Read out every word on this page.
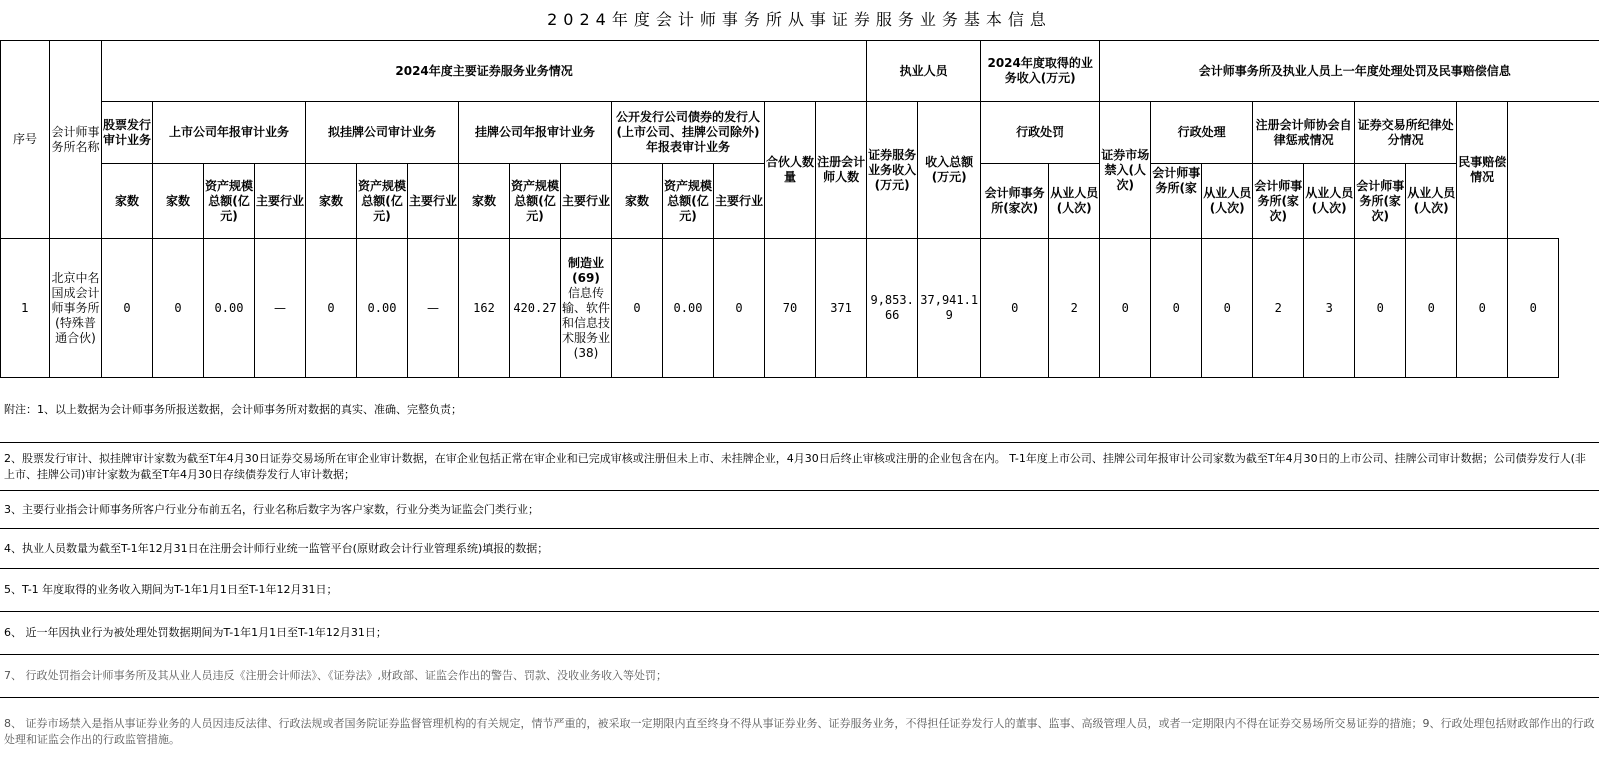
2024年度会计师事务所从事证券服务业务基本信息
序号	会计师事务所名称	2024年度主要证券服务业务情况															执业人员		2024年度取得的业务收入(万元)		会计师事务所及执业人员上一年度处理处罚及民事赔偿信息	
		股票发行审计业务	上市公司年报审计业务			拟挂牌公司审计业务			挂牌公司年报审计业务			公开发行公司债券的发行人(上市公司、挂牌公司除外)年报表审计业务			合伙人数量	注册会计师人数	证券服务业务收入(万元)	收入总额(万元)	行政处罚		证券市场禁入(人次)	行政处理		注册会计师协会自律惩戒情况		证券交易所纪律处分情况		民事赔偿情况		
		家数	家数	资产规模总额(亿元)	主要行业	家数	资产规模总额(亿元)	主要行业	家数	资产规模总额(亿元)	主要行业	家数	资产规模总额(亿元)	主要行业					会计师事务所(家次)	从业人员(人次)		会计师事务所(家	从业人员(人次)	会计师事务所(家次)	从业人员(人次)	会计师事务所(家次)	从业人员(人次)			
1	北京中名国成会计师事务所(特殊普通合伙)	0	0	0.00	—	0	0.00	—	162	420.27	制造业(69)
信息传输、软件和信息技术服务业(38)	0	0.00	0	70	371	9,853.66	37,941.19	0	2	0	0	0	2	3	0	0	0	0	
附注：1、以上数据为会计师事务所报送数据，会计师事务所对数据的真实、准确、完整负责；
2、股票发行审计、拟挂牌审计家数为截至T年4月30日证券交易场所在审企业审计数据，在审企业包括正常在审企业和已完成审核或注册但未上市、未挂牌企业，4月30日后终止审核或注册的企业包含在内。 T-1年度上市公司、挂牌公司年报审计公司家数为截至T年4月30日的上市公司、挂牌公司审计数据；公司债券发行人(非上市、挂牌公司)审计家数为截至T年4月30日存续债券发行人审计数据；
3、主要行业指会计师事务所客户行业分布前五名，行业名称后数字为客户家数，行业分类为证监会门类行业；
4、执业人员数量为截至T-1年12月31日在注册会计师行业统一监管平台(原财政会计行业管理系统)填报的数据；
5、T-1 年度取得的业务收入期间为T-1年1月1日至T-1年12月31日；
6、 近一年因执业行为被处理处罚数据期间为T-1年1月1日至T-1年12月31日；
7、 行政处罚指会计师事务所及其从业人员违反《注册会计师法》、《证券法》,财政部、证监会作出的警告、罚款、没收业务收入等处罚；
8、 证券市场禁入是指从事证券业务的人员因违反法律、行政法规或者国务院证券监督管理机构的有关规定，情节严重的，被采取一定期限内直至终身不得从事证券业务、证券服务业务，不得担任证券发行人的董事、监事、高级管理人员，或者一定期限内不得在证券交易场所交易证券的措施；9、行政处理包括财政部作出的行政处理和证监会作出的行政监管措施。
